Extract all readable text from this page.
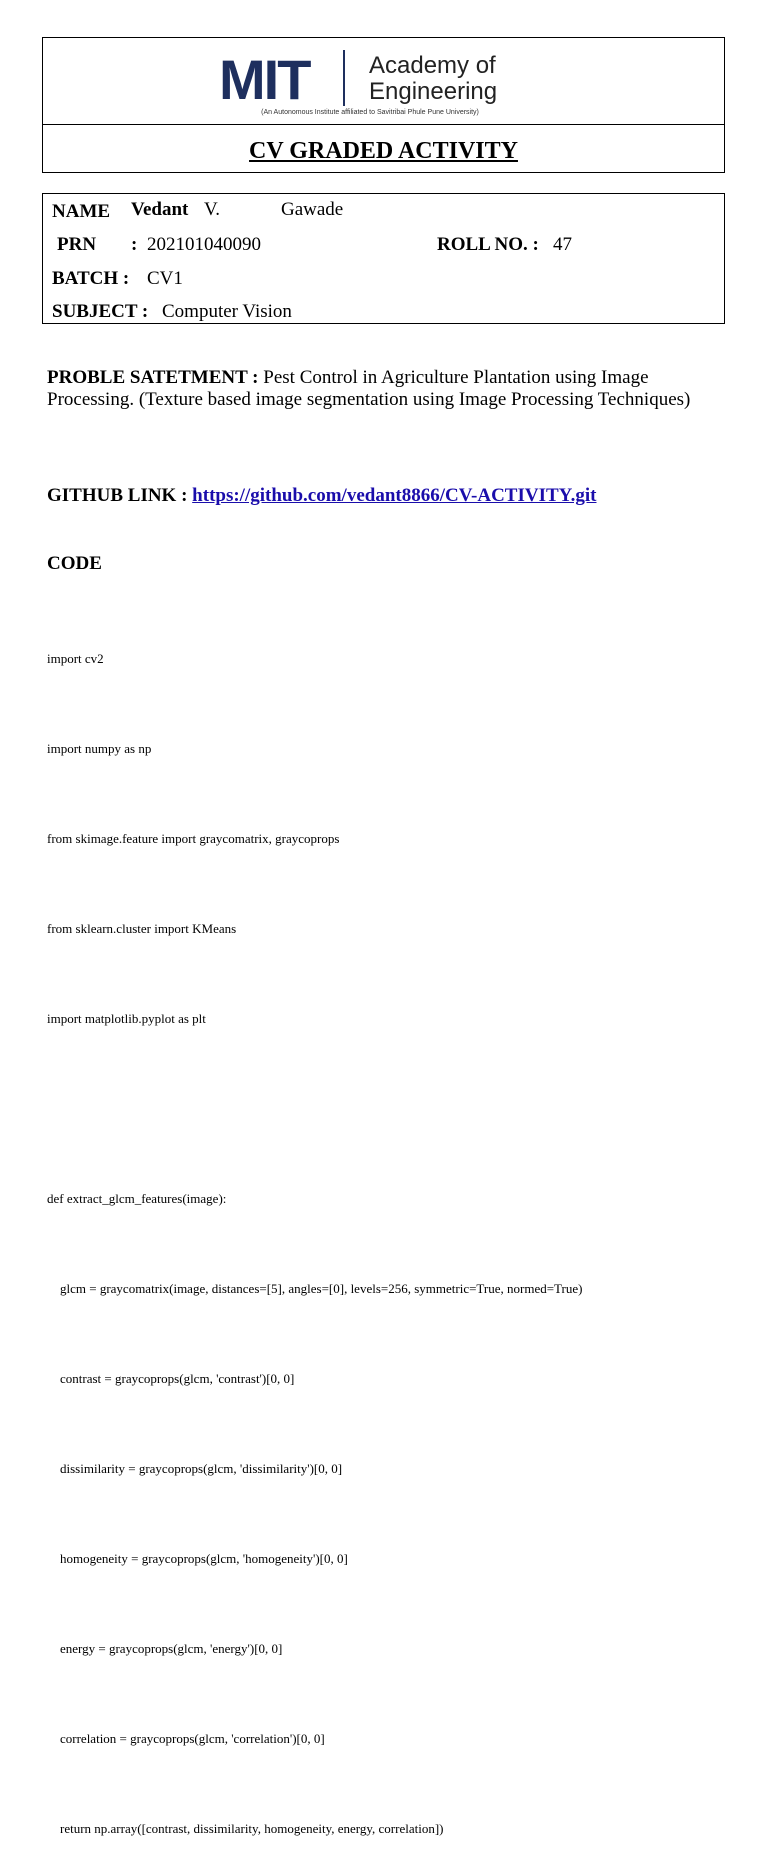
MIT Academy of
Engineering
(An Autonomous Institute affiliated to Savitribai Phule Pune University)
CV GRADED ACTIVITY
NAME Vedant V.	Gawade
PRN : 202101040090	ROLL NO. : 47
BATCH : CV1
SUBJECT : Computer Vision
PROBLE SATETMENT : Pest Control in Agriculture Plantation using Image Processing. (Texture based image segmentation using Image Processing Techniques)
GITHUB LINK : https://github.com/vedant8866/CV-ACTIVITY.git
CODE

import cv2

import numpy as np

from skimage.feature import graycomatrix, graycoprops

from sklearn.cluster import KMeans

import matplotlib.pyplot as plt

def extract_glcm_features(image):

glcm = graycomatrix(image, distances=[5], angles=[0], levels=256, symmetric=True, normed=True)

contrast = graycoprops(glcm, 'contrast')[0, 0]

dissimilarity = graycoprops(glcm, 'dissimilarity')[0, 0]

homogeneity = graycoprops(glcm, 'homogeneity')[0, 0]

energy = graycoprops(glcm, 'energy')[0, 0]

correlation = graycoprops(glcm, 'correlation')[0, 0]

return np.array([contrast, dissimilarity, homogeneity, energy, correlation])
